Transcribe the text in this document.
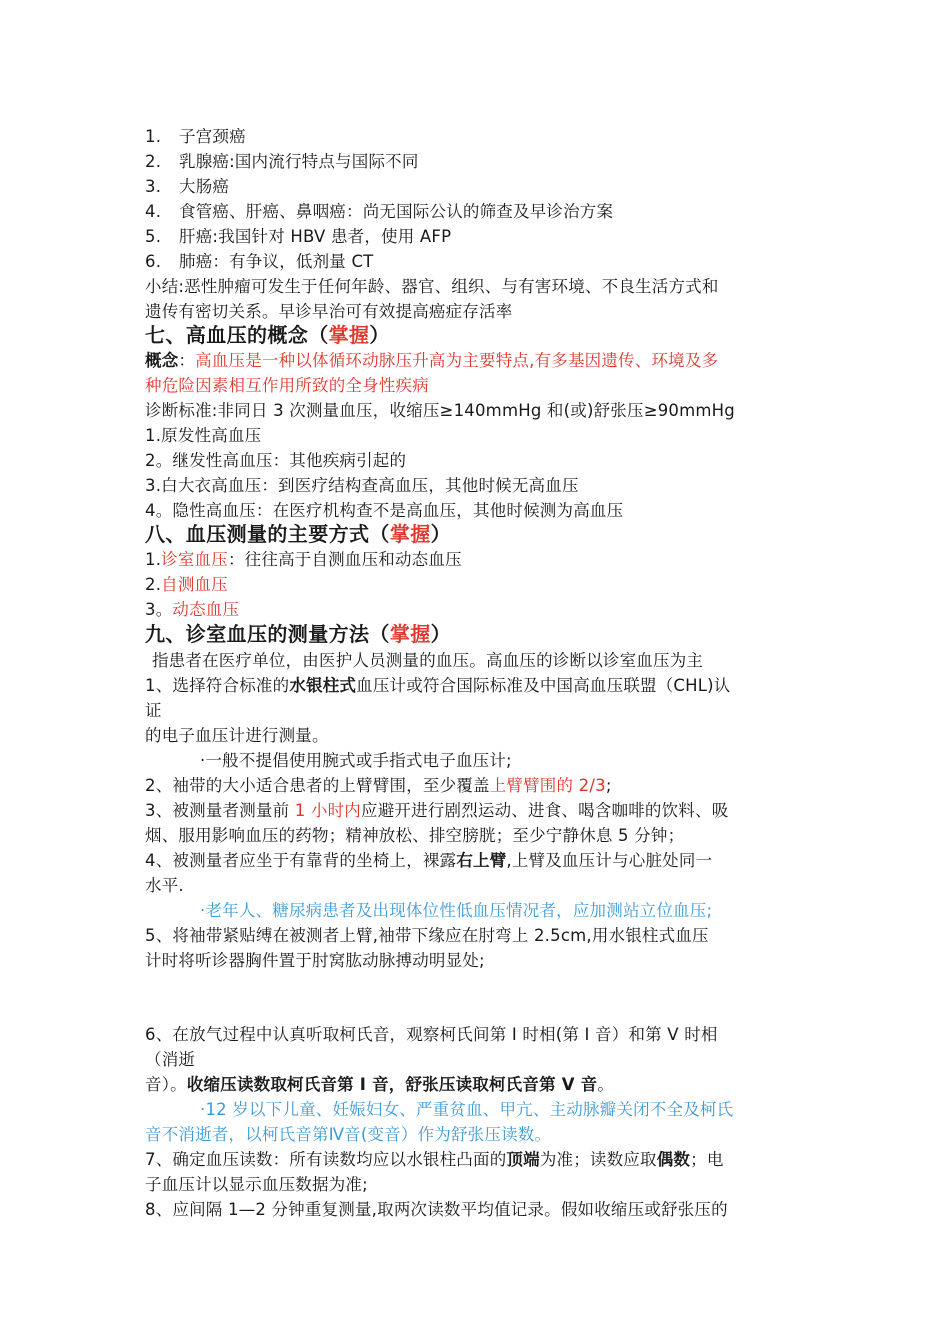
1. 子宫颈癌
2. 乳腺癌:国内流行特点与国际不同
3. 大肠癌
4. 食管癌、肝癌、鼻咽癌：尚无国际公认的筛查及早诊治方案
5. 肝癌:我国针对 HBV 患者，使用 AFP
6. 肺癌：有争议，低剂量 CT
小结:恶性肿瘤可发生于任何年龄、器官、组织、与有害环境、不良生活方式和
遗传有密切关系。早诊早治可有效提高癌症存活率
七、高血压的概念（掌握）
概念：高血压是一种以体循环动脉压升高为主要特点,有多基因遗传、环境及多
种危险因素相互作用所致的全身性疾病
诊断标准:非同日 3 次测量血压，收缩压≥140mmHg 和(或)舒张压≥90mmHg
1.原发性高血压
2。继发性高血压：其他疾病引起的
3.白大衣高血压：到医疗结构查高血压，其他时候无高血压
4。隐性高血压：在医疗机构查不是高血压，其他时候测为高血压
八、血压测量的主要方式（掌握）
1.诊室血压：往往高于自测血压和动态血压
2.自测血压
3。动态血压
九、诊室血压的测量方法（掌握）
指患者在医疗单位，由医护人员测量的血压。高血压的诊断以诊室血压为主
1、选择符合标准的水银柱式血压计或符合国际标准及中国高血压联盟（CHL)认
证
的电子血压计进行测量。
·一般不提倡使用腕式或手指式电子血压计;
2、袖带的大小适合患者的上臂臂围，至少覆盖上臂臂围的 2/3;
3、被测量者测量前 1 小时内应避开进行剧烈运动、进食、喝含咖啡的饮料、吸
烟、服用影响血压的药物；精神放松、排空膀胱；至少宁静休息 5 分钟；
4、被测量者应坐于有靠背的坐椅上，裸露右上臂,上臂及血压计与心脏处同一
水平.
·老年人、糖尿病患者及出现体位性低血压情况者，应加测站立位血压;
5、将袖带紧贴缚在被测者上臂,袖带下缘应在肘弯上 2.5cm,用水银柱式血压
计时将听诊器胸件置于肘窝肱动脉搏动明显处;
6、在放气过程中认真听取柯氏音，观察柯氏间第 I 时相(第 I 音）和第 V 时相
（消逝
音）。收缩压读数取柯氏音第 I 音，舒张压读取柯氏音第 V 音。
·12 岁以下儿童、妊娠妇女、严重贫血、甲亢、主动脉瓣关闭不全及柯氏
音不消逝者，以柯氏音第Ⅳ音(变音）作为舒张压读数。
7、确定血压读数：所有读数均应以水银柱凸面的顶端为准；读数应取偶数；电
子血压计以显示血压数据为准;
8、应间隔 1—2 分钟重复测量,取两次读数平均值记录。假如收缩压或舒张压的
